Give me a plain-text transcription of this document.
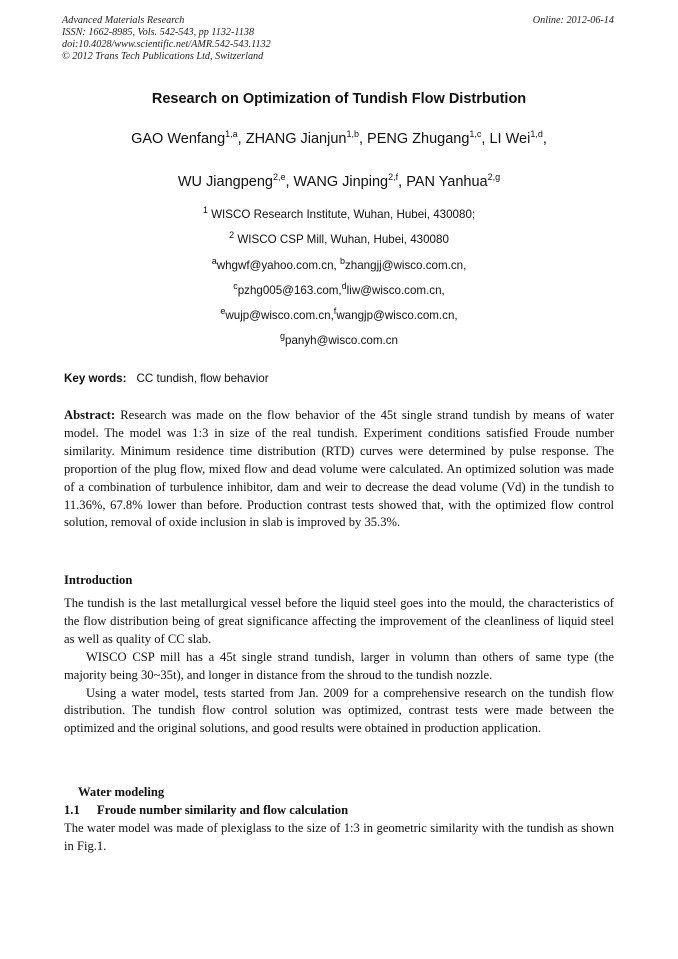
Advanced Materials Research	Online: 2012-06-14
ISSN: 1662-8985, Vols. 542-543, pp 1132-1138
doi:10.4028/www.scientific.net/AMR.542-543.1132
© 2012 Trans Tech Publications Ltd, Switzerland
Research on Optimization of Tundish Flow Distrbution
GAO Wenfang$^{1,a}$, ZHANG Jianjun$^{1,b}$, PENG Zhugang$^{1,c}$, LI Wei$^{1,d}$,
WU Jiangpeng$^{2,e}$, WANG Jinping$^{2,f}$, PAN Yanhua$^{2,g}$
$^1$ WISCO Research Institute, Wuhan, Hubei, 430080;
$^2$ WISCO CSP Mill, Wuhan, Hubei, 430080
$^a$whgwf@yahoo.com.cn, $^b$zhangjj@wisco.com.cn,
$^c$pzhg005@163.com,$^d$liw@wisco.com.cn,
$^e$wujp@wisco.com.cn,$^f$wangjp@wisco.com.cn,
$^g$panyh@wisco.com.cn
Key words: CC tundish, flow behavior
Abstract: Research was made on the flow behavior of the 45t single strand tundish by means of water model. The model was 1:3 in size of the real tundish. Experiment conditions satisfied Froude number similarity. Minimum residence time distribution (RTD) curves were determined by pulse response. The proportion of the plug flow, mixed flow and dead volume were calculated. An optimized solution was made of a combination of turbulence inhibitor, dam and weir to decrease the dead volume (Vd) in the tundish to 11.36%, 67.8% lower than before. Production contrast tests showed that, with the optimized flow control solution, removal of oxide inclusion in slab is improved by 35.3%.
Introduction

The tundish is the last metallurgical vessel before the liquid steel goes into the mould, the characteristics of the flow distribution being of great significance affecting the improvement of the cleanliness of liquid steel as well as quality of CC slab.

WISCO CSP mill has a 45t single strand tundish, larger in volumn than others of same type (the majority being 30~35t), and longer in distance from the shroud to the tundish nozzle.

Using a water model, tests started from Jan. 2009 for a comprehensive research on the tundish flow distribution. The tundish flow control solution was optimized, contrast tests were made between the optimized and the original solutions, and good results were obtained in production application.

Water modeling
1.1 Froude number similarity and flow calculation
The water model was made of plexiglass to the size of 1:3 in geometric similarity with the tundish as shown in Fig.1.
